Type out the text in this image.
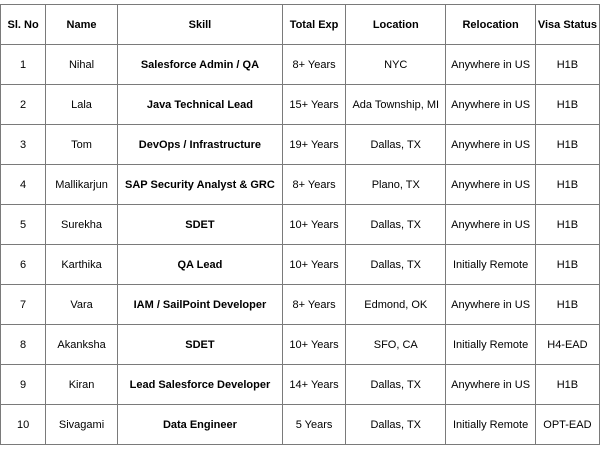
Sl. No	Name	Skill	Total Exp	Location	Relocation	Visa Status
1	Nihal	Salesforce Admin / QA	8+ Years	NYC	Anywhere in US	H1B
2	Lala	Java Technical Lead	15+ Years	Ada Township, MI	Anywhere in US	H1B
3	Tom	DevOps / Infrastructure	19+ Years	Dallas, TX	Anywhere in US	H1B
4	Mallikarjun	SAP Security Analyst & GRC	8+ Years	Plano, TX	Anywhere in US	H1B
5	Surekha	SDET	10+ Years	Dallas, TX	Anywhere in US	H1B
6	Karthika	QA Lead	10+ Years	Dallas, TX	Initially Remote	H1B
7	Vara	IAM / SailPoint Developer	8+ Years	Edmond, OK	Anywhere in US	H1B
8	Akanksha	SDET	10+ Years	SFO, CA	Initially Remote	H4-EAD
9	Kiran	Lead Salesforce Developer	14+ Years	Dallas, TX	Anywhere in US	H1B
10	Sivagami	Data Engineer	5 Years	Dallas, TX	Initially Remote	OPT-EAD
